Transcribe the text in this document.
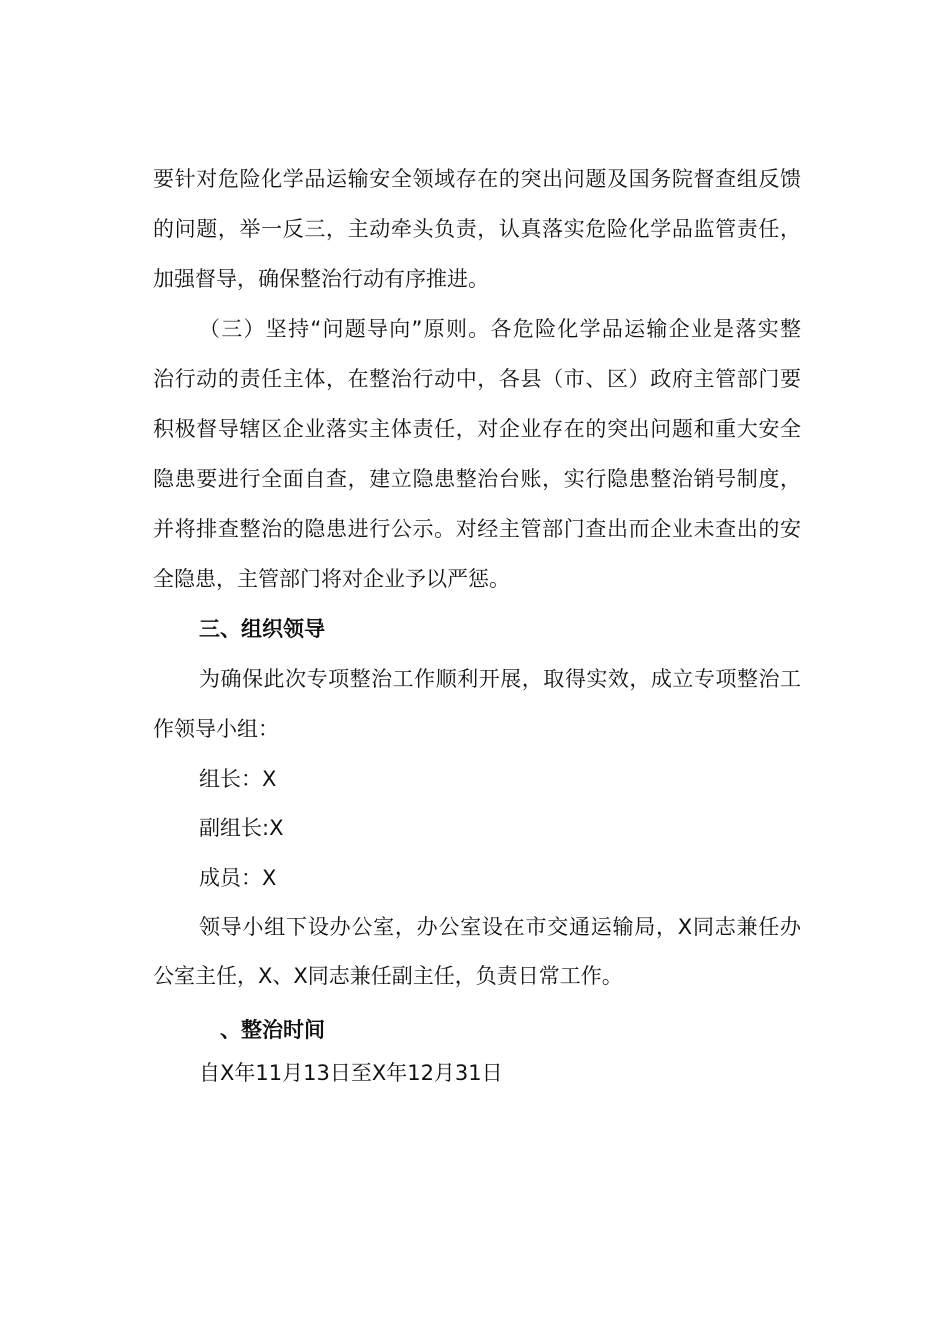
要针对危险化学品运输安全领域存在的突出问题及国务院督查组反馈
的问题，举一反三，主动牵头负责，认真落实危险化学品监管责任，
加强督导，确保整治行动有序推进。
（三）坚持“问题导向”原则。各危险化学品运输企业是落实整
治行动的责任主体，在整治行动中，各县（市、区）政府主管部门要
积极督导辖区企业落实主体责任，对企业存在的突出问题和重大安全
隐患要进行全面自查，建立隐患整治台账，实行隐患整治销号制度，
并将排查整治的隐患进行公示。对经主管部门查出而企业未查出的安
全隐患，主管部门将对企业予以严惩。
三、组织领导
为确保此次专项整治工作顺利开展，取得实效，成立专项整治工
作领导小组：
组长：X
副组长:X
成员：X
领导小组下设办公室，办公室设在市交通运输局，X同志兼任办
公室主任，X、X同志兼任副主任，负责日常工作。
、整治时间
自X年11月13日至X年12月31日
